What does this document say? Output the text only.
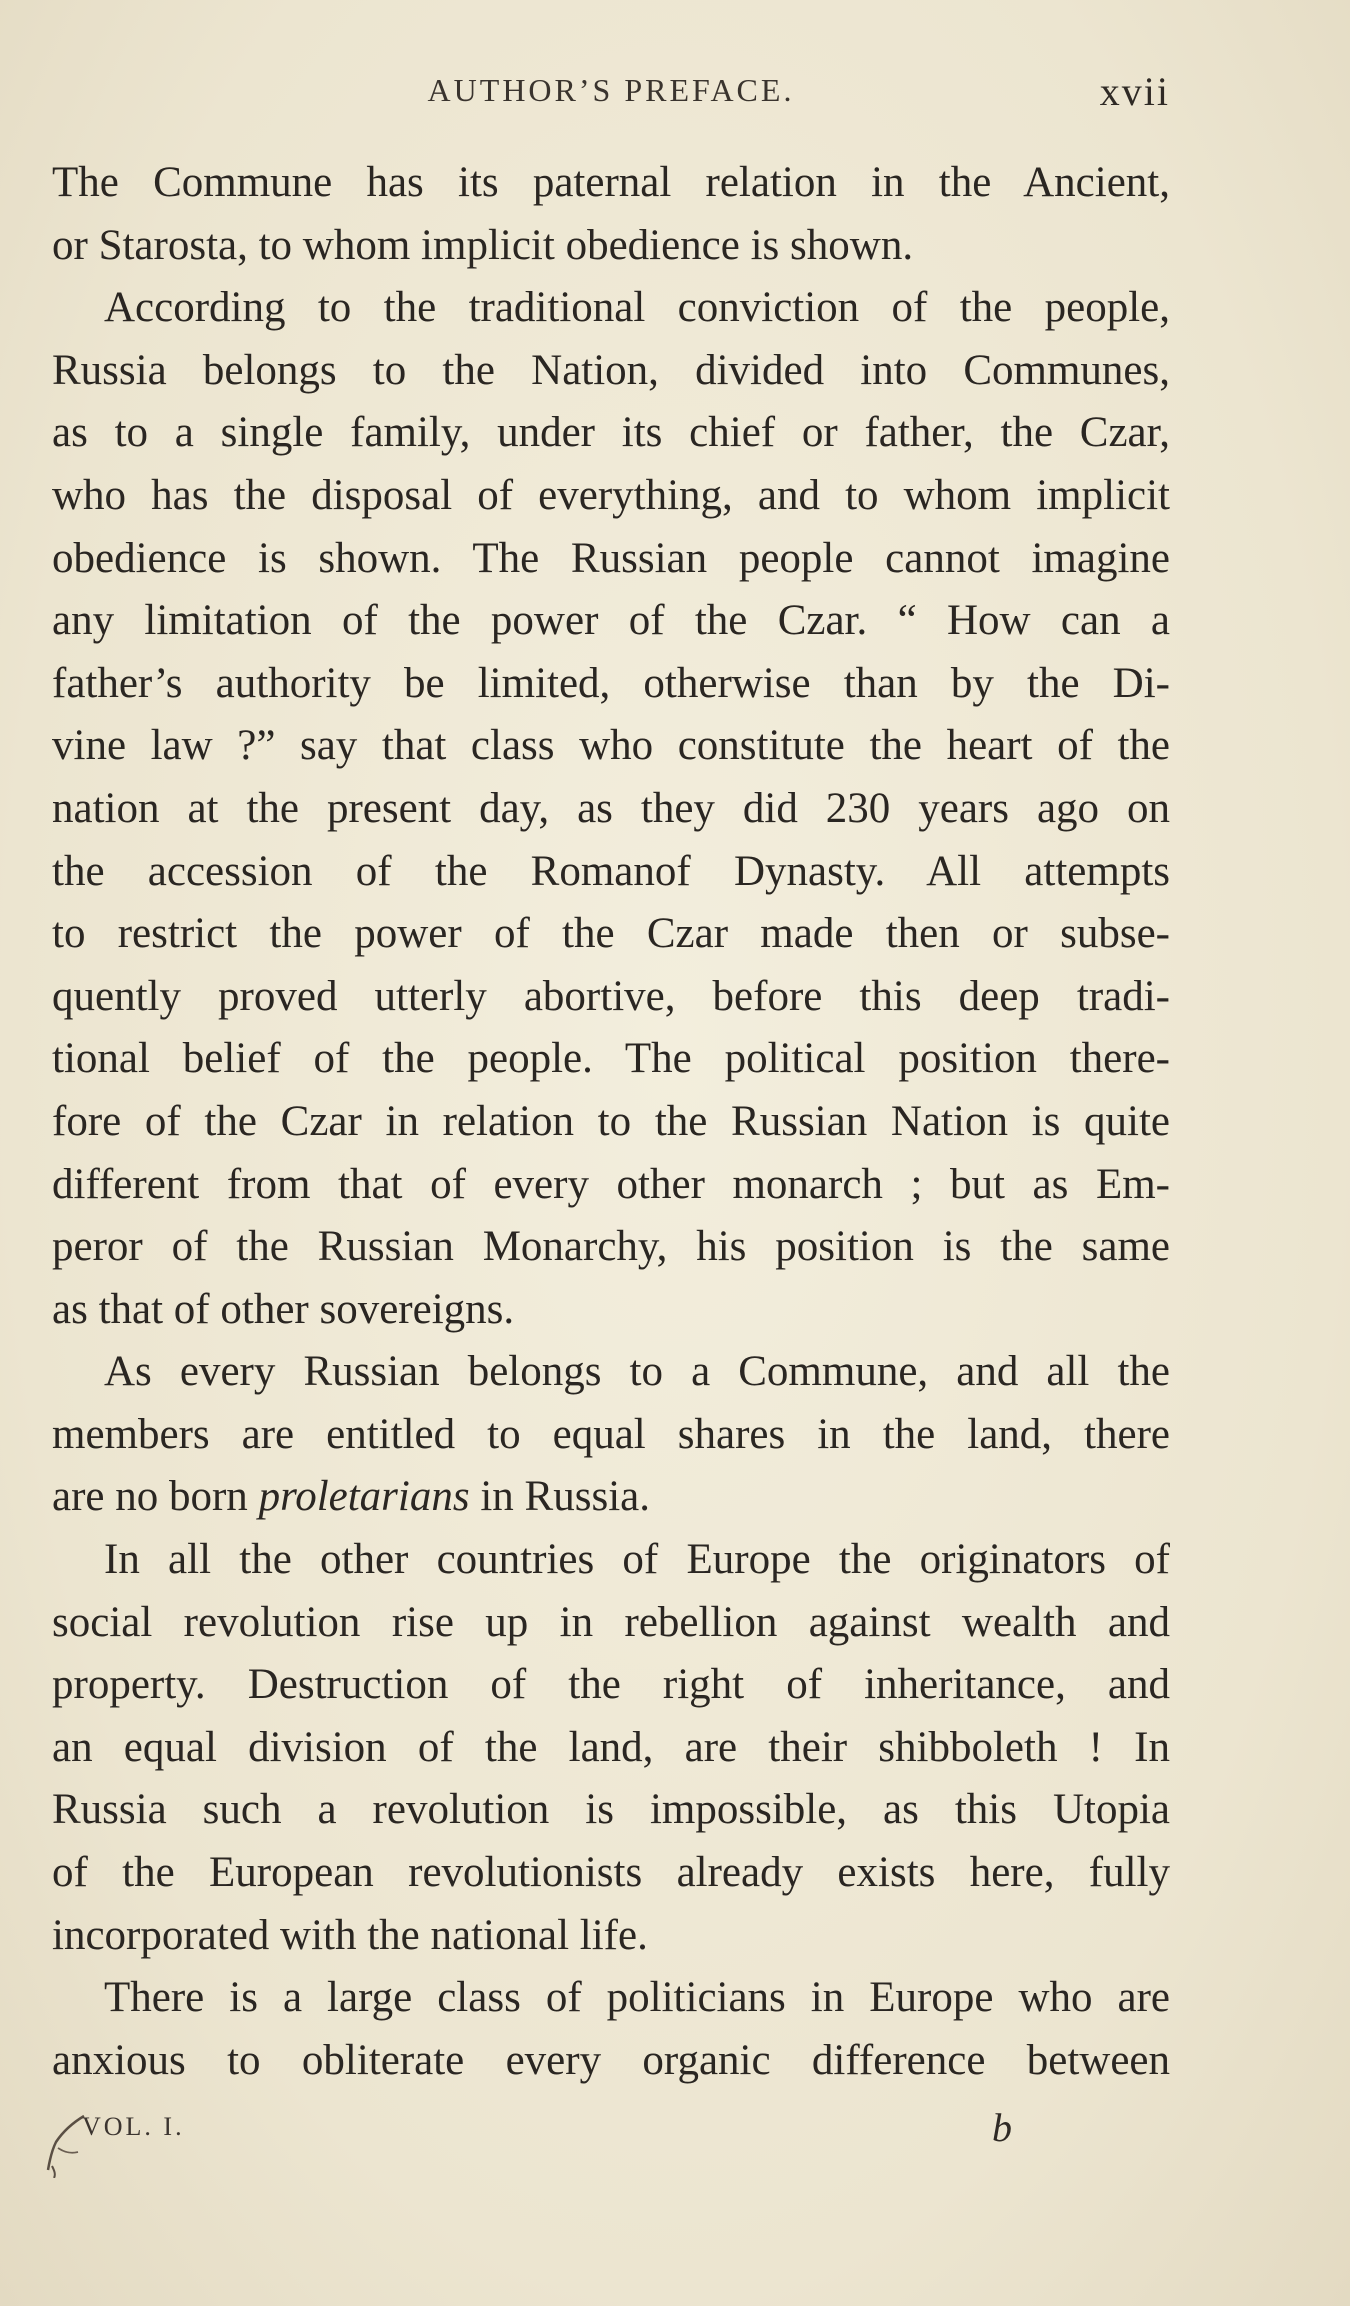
AUTHOR’S PREFACE.	xvii
The Commune has its paternal relation in the Ancient,
or Starosta, to whom implicit obedience is shown.
According to the traditional conviction of the people,
Russia belongs to the Nation, divided into Communes,
as to a single family, under its chief or father, the Czar,
who has the disposal of everything, and to whom implicit
obedience is shown. The Russian people cannot imagine
any limitation of the power of the Czar. “ How can a
father’s authority be limited, otherwise than by the Di-
vine law ?” say that class who constitute the heart of the
nation at the present day, as they did 230 years ago on
the accession of the Romanof Dynasty. All attempts
to restrict the power of the Czar made then or subse-
quently proved utterly abortive, before this deep tradi-
tional belief of the people. The political position there-
fore of the Czar in relation to the Russian Nation is quite
different from that of every other monarch ; but as Em-
peror of the Russian Monarchy, his position is the same
as that of other sovereigns.
As every Russian belongs to a Commune, and all the
members are entitled to equal shares in the land, there
are no born proletarians in Russia.
In all the other countries of Europe the originators of
social revolution rise up in rebellion against wealth and
property. Destruction of the right of inheritance, and
an equal division of the land, are their shibboleth ! In
Russia such a revolution is impossible, as this Utopia
of the European revolutionists already exists here, fully
incorporated with the national life.
There is a large class of politicians in Europe who are
anxious to obliterate every organic difference between
VOL. I.	b
